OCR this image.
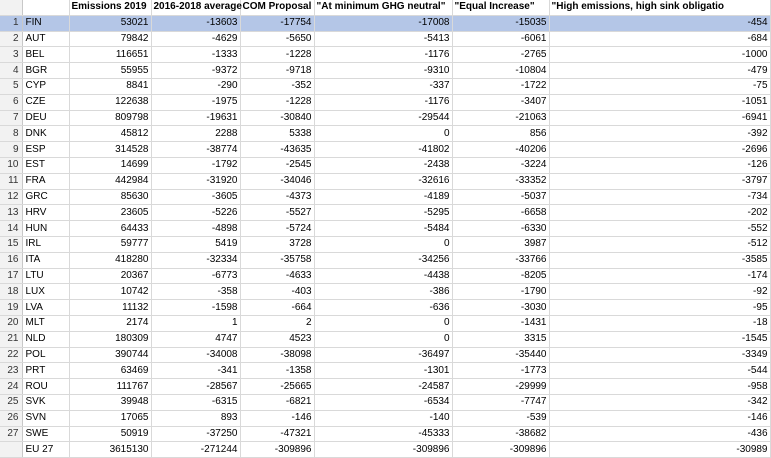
		Emissions 2019	2016-2018 average	COM Proposal	"At minimum GHG neutral"	"Equal Increase"	"High emissions, high sink obligatio
1	FIN	53021	-13603	-17754	-17008	-15035	-454
2	AUT	79842	-4629	-5650	-5413	-6061	-684
3	BEL	116651	-1333	-1228	-1176	-2765	-1000
4	BGR	55955	-9372	-9718	-9310	-10804	-479
5	CYP	8841	-290	-352	-337	-1722	-75
6	CZE	122638	-1975	-1228	-1176	-3407	-1051
7	DEU	809798	-19631	-30840	-29544	-21063	-6941
8	DNK	45812	2288	5338	0	856	-392
9	ESP	314528	-38774	-43635	-41802	-40206	-2696
10	EST	14699	-1792	-2545	-2438	-3224	-126
11	FRA	442984	-31920	-34046	-32616	-33352	-3797
12	GRC	85630	-3605	-4373	-4189	-5037	-734
13	HRV	23605	-5226	-5527	-5295	-6658	-202
14	HUN	64433	-4898	-5724	-5484	-6330	-552
15	IRL	59777	5419	3728	0	3987	-512
16	ITA	418280	-32334	-35758	-34256	-33766	-3585
17	LTU	20367	-6773	-4633	-4438	-8205	-174
18	LUX	10742	-358	-403	-386	-1790	-92
19	LVA	11132	-1598	-664	-636	-3030	-95
20	MLT	2174	1	2	0	-1431	-18
21	NLD	180309	4747	4523	0	3315	-1545
22	POL	390744	-34008	-38098	-36497	-35440	-3349
23	PRT	63469	-341	-1358	-1301	-1773	-544
24	ROU	111767	-28567	-25665	-24587	-29999	-958
25	SVK	39948	-6315	-6821	-6534	-7747	-342
26	SVN	17065	893	-146	-140	-539	-146
27	SWE	50919	-37250	-47321	-45333	-38682	-436
	EU 27	3615130	-271244	-309896	-309896	-309896	-30989
